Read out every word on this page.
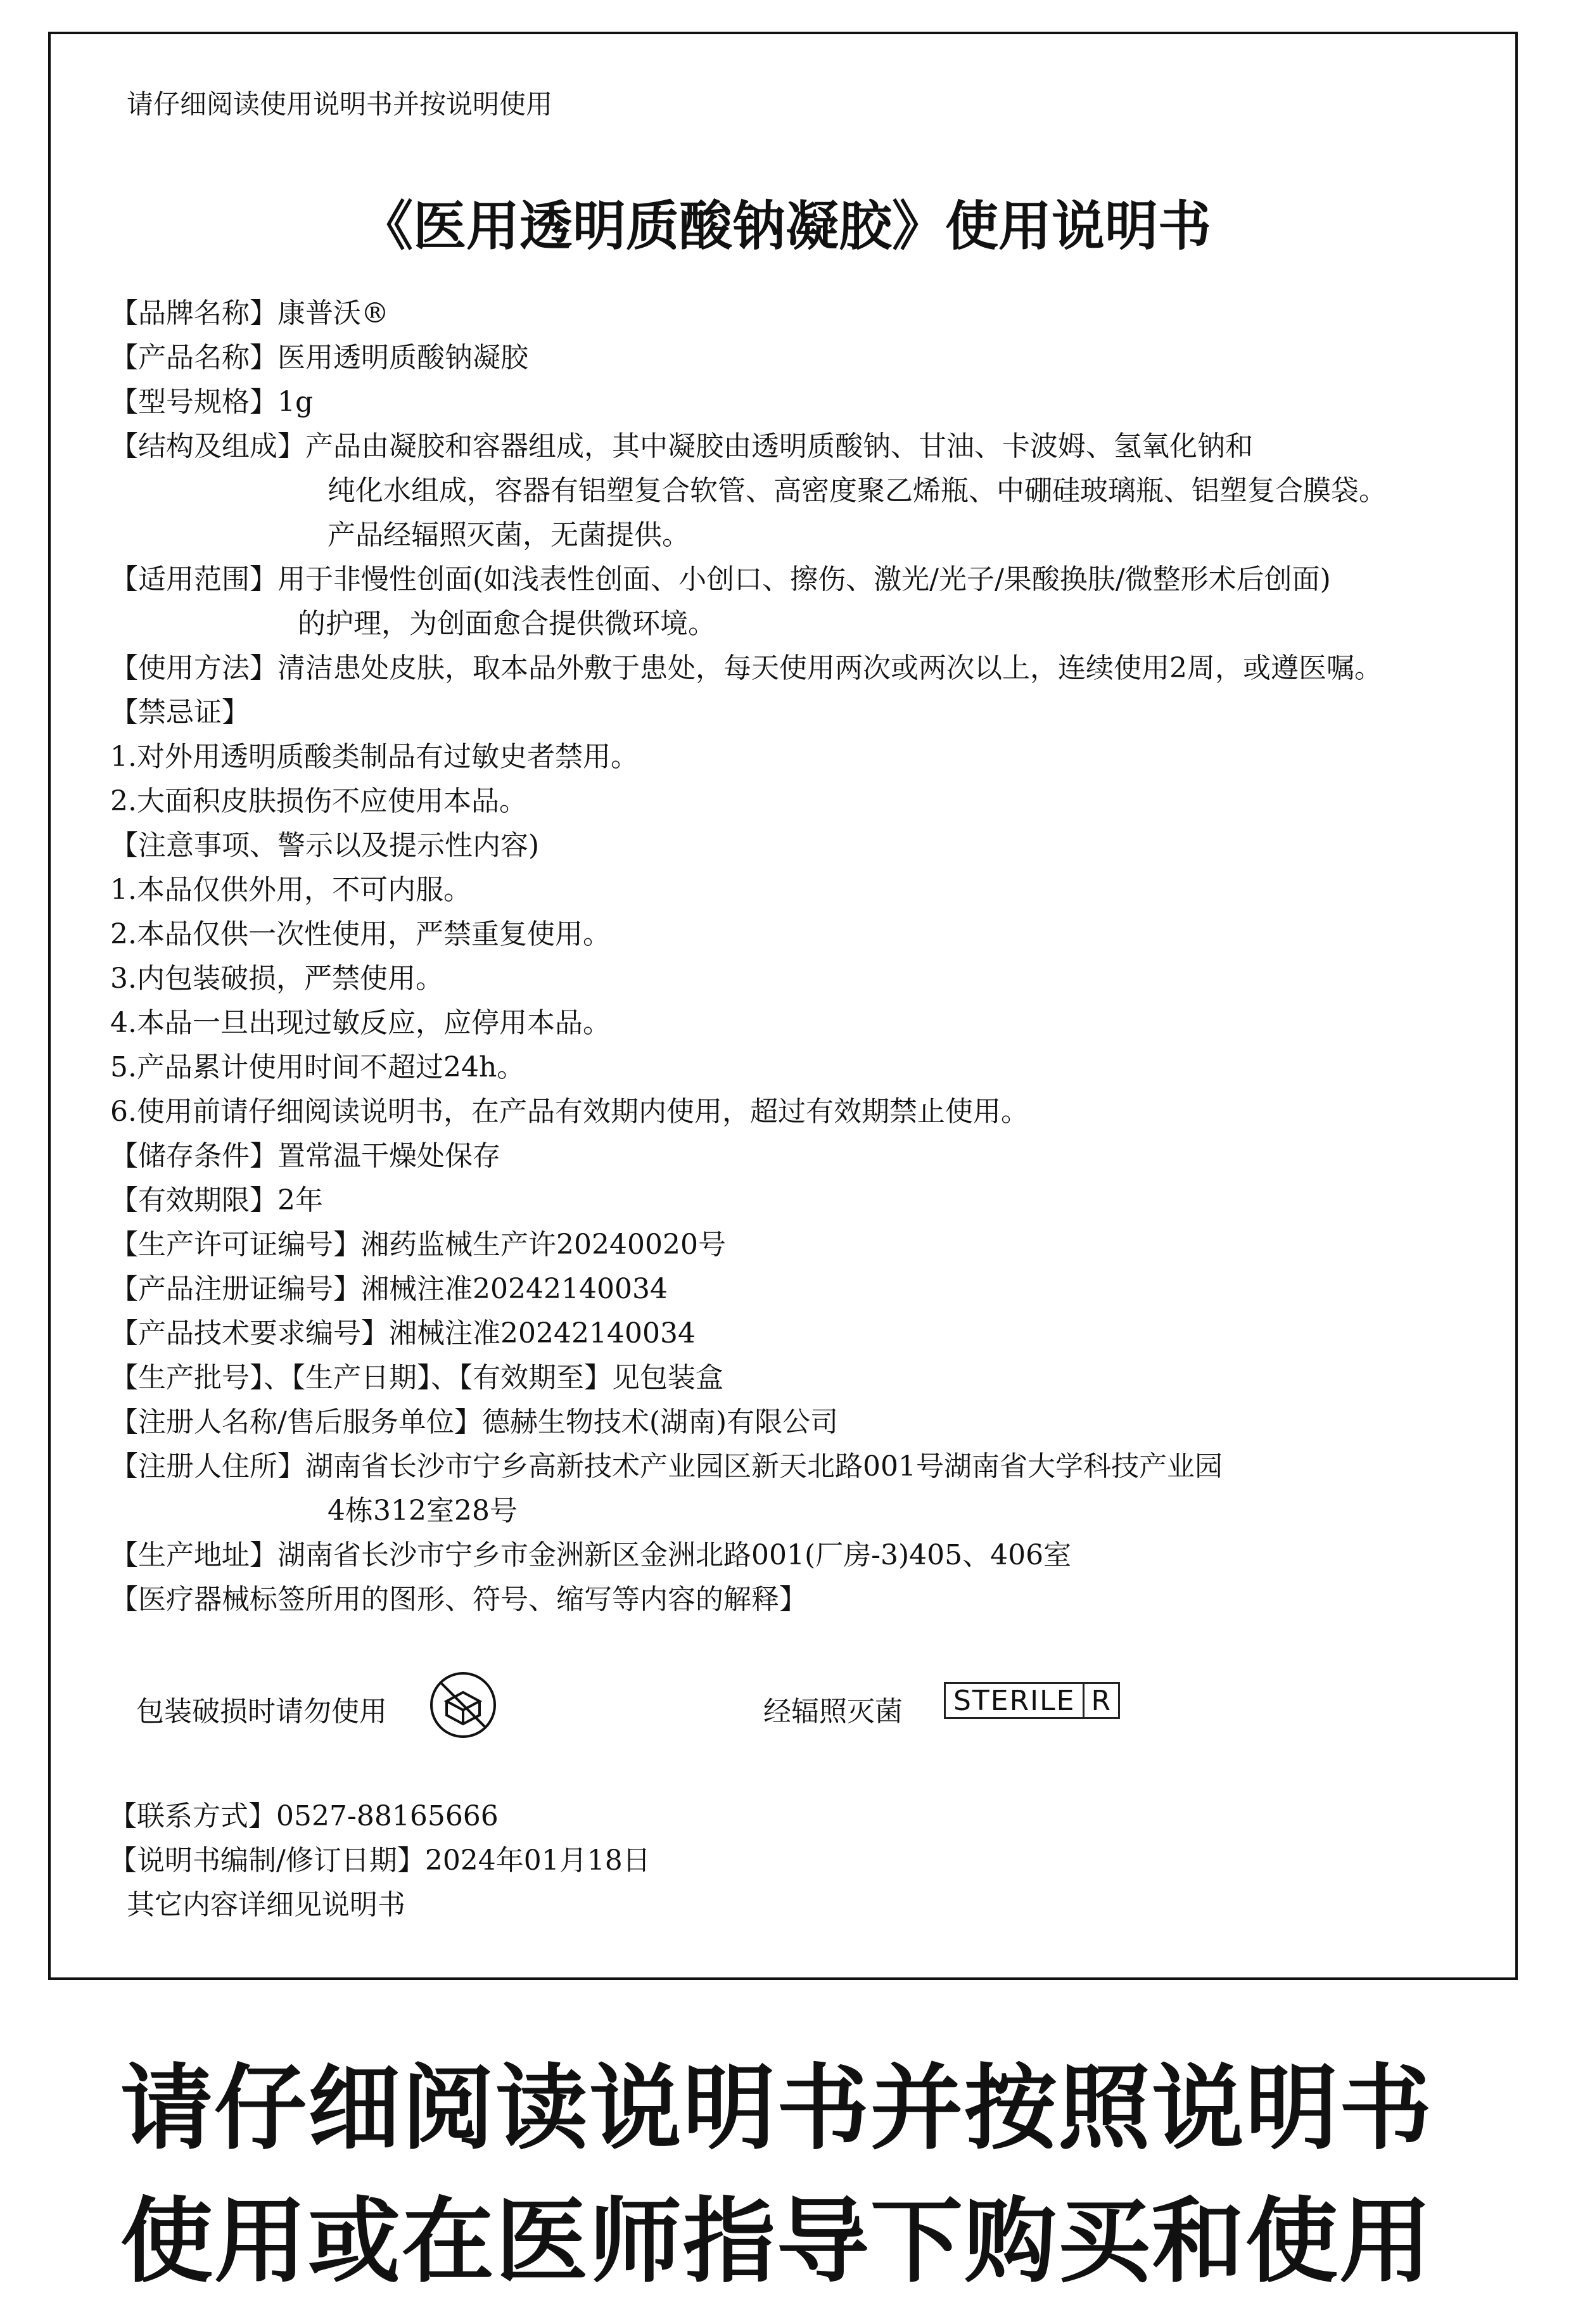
请仔细阅读使用说明书并按说明使用
《医用透明质酸钠凝胶》使用说明书
【品牌名称】康普沃®
【产品名称】医用透明质酸钠凝胶
【型号规格】1g
【结构及组成】产品由凝胶和容器组成，其中凝胶由透明质酸钠、甘油、卡波姆、氢氧化钠和
纯化水组成，容器有铝塑复合软管、高密度聚乙烯瓶、中硼硅玻璃瓶、铝塑复合膜袋。
产品经辐照灭菌，无菌提供。
【适用范围】用于非慢性创面(如浅表性创面、小创口、擦伤、激光/光子/果酸换肤/微整形术后创面)
的护理，为创面愈合提供微环境。
【使用方法】清洁患处皮肤，取本品外敷于患处，每天使用两次或两次以上，连续使用2周，或遵医嘱。
【禁忌证】
1.对外用透明质酸类制品有过敏史者禁用。
2.大面积皮肤损伤不应使用本品。
【注意事项、警示以及提示性内容)
1.本品仅供外用，不可内服。
2.本品仅供一次性使用，严禁重复使用。
3.内包装破损，严禁使用。
4.本品一旦出现过敏反应，应停用本品。
5.产品累计使用时间不超过24h。
6.使用前请仔细阅读说明书，在产品有效期内使用，超过有效期禁止使用。
【储存条件】置常温干燥处保存
【有效期限】2年
【生产许可证编号】湘药监械生产许20240020号
【产品注册证编号】湘械注准20242140034
【产品技术要求编号】湘械注准20242140034
【生产批号】、【生产日期】、【有效期至】见包装盒
【注册人名称/售后服务单位】德赫生物技术(湖南)有限公司
【注册人住所】湖南省长沙市宁乡高新技术产业园区新天北路001号湖南省大学科技产业园
4栋312室28号
【生产地址】湖南省长沙市宁乡市金洲新区金洲北路001(厂房-3)405、406室
【医疗器械标签所用的图形、符号、缩写等内容的解释】
包装破损时请勿使用	经辐照灭菌 STERILE R
【联系方式】0527-88165666
【说明书编制/修订日期】2024年01月18日
其它内容详细见说明书
请仔细阅读说明书并按照说明书
使用或在医师指导下购买和使用
